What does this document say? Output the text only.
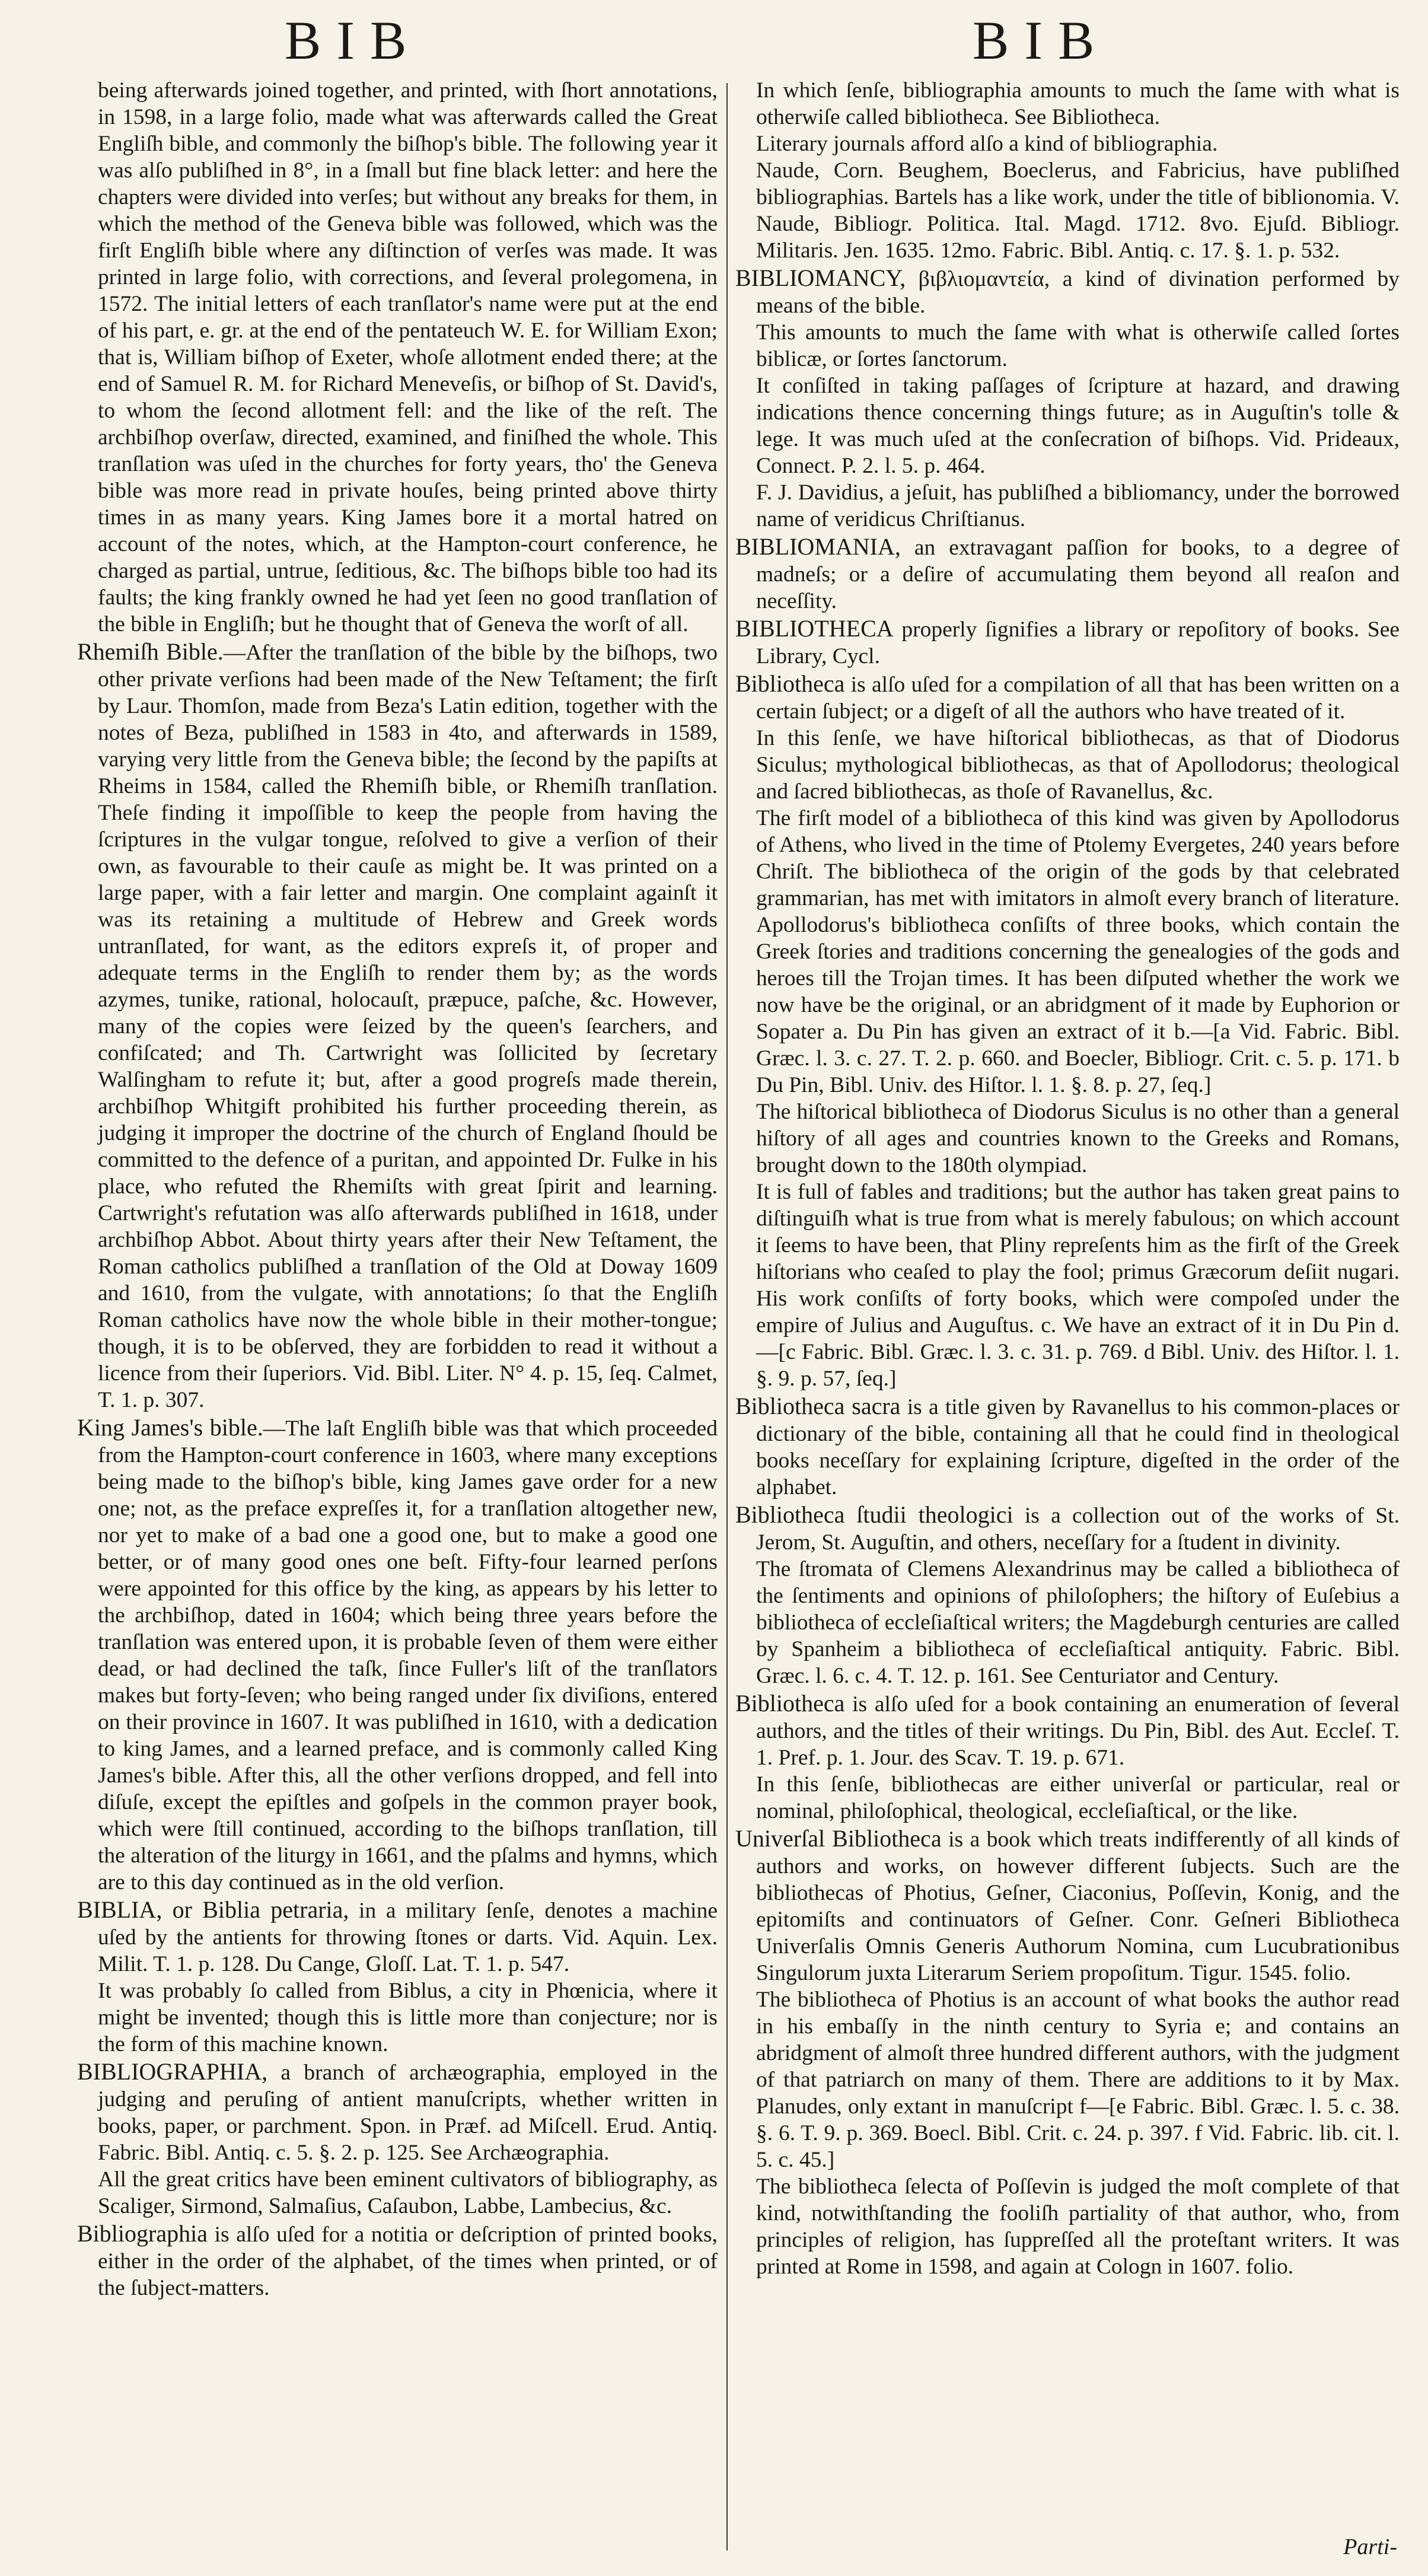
BIB	BIB

being afterwards joined together, and printed, with ſhort annotations, in 1598, in a large folio, made what was afterwards called the Great Engliſh bible, and commonly the biſhop's bible. The following year it was alſo publiſhed in 8°, in a ſmall but fine black letter: and here the chapters were divided into verſes; but without any breaks for them, in which the method of the Geneva bible was followed, which was the firſt Engliſh bible where any diſtinction of verſes was made. It was printed in large folio, with corrections, and ſeveral prolegomena, in 1572. The initial letters of each tranſlator's name were put at the end of his part, e. gr. at the end of the pentateuch W. E. for William Exon; that is, William biſhop of Exeter, whoſe allotment ended there; at the end of Samuel R. M. for Richard Meneveſis, or biſhop of St. David's, to whom the ſecond allotment fell: and the like of the reſt. The archbiſhop overſaw, directed, examined, and finiſhed the whole. This tranſlation was uſed in the churches for forty years, tho' the Geneva bible was more read in private houſes, being printed above thirty times in as many years. King James bore it a mortal hatred on account of the notes, which, at the Hampton-court conference, he charged as partial, untrue, ſeditious, &c. The biſhops bible too had its faults; the king frankly owned he had yet ſeen no good tranſlation of the bible in Engliſh; but he thought that of Geneva the worſt of all.

Rhemiſh Bible.—After the tranſlation of the bible by the biſhops, two other private verſions had been made of the New Teſtament; the firſt by Laur. Thomſon, made from Beza's Latin edition, together with the notes of Beza, publiſhed in 1583 in 4to, and afterwards in 1589, varying very little from the Geneva bible; the ſecond by the papiſts at Rheims in 1584, called the Rhemiſh bible, or Rhemiſh tranſlation. Theſe finding it impoſſible to keep the people from having the ſcriptures in the vulgar tongue, reſolved to give a verſion of their own, as favourable to their cauſe as might be. It was printed on a large paper, with a fair letter and margin. One complaint againſt it was its retaining a multitude of Hebrew and Greek words untranſlated, for want, as the editors expreſs it, of proper and adequate terms in the Engliſh to render them by; as the words azymes, tunike, rational, holocauſt, præpuce, paſche, &c. However, many of the copies were ſeized by the queen's ſearchers, and confiſcated; and Th. Cartwright was ſollicited by ſecretary Walſingham to refute it; but, after a good progreſs made therein, archbiſhop Whitgift prohibited his further proceeding therein, as judging it improper the doctrine of the church of England ſhould be committed to the defence of a puritan, and appointed Dr. Fulke in his place, who refuted the Rhemiſts with great ſpirit and learning. Cartwright's refutation was alſo afterwards publiſhed in 1618, under archbiſhop Abbot. About thirty years after their New Teſtament, the Roman catholics publiſhed a tranſlation of the Old at Doway 1609 and 1610, from the vulgate, with annotations; ſo that the Engliſh Roman catholics have now the whole bible in their mother-tongue; though, it is to be obſerved, they are forbidden to read it without a licence from their ſuperiors. Vid. Bibl. Liter. N° 4. p. 15, ſeq. Calmet, T. 1. p. 307.

King James's bible.—The laſt Engliſh bible was that which proceeded from the Hampton-court conference in 1603, where many exceptions being made to the biſhop's bible, king James gave order for a new one; not, as the preface expreſſes it, for a tranſlation altogether new, nor yet to make of a bad one a good one, but to make a good one better, or of many good ones one beſt. Fifty-four learned perſons were appointed for this office by the king, as appears by his letter to the archbiſhop, dated in 1604; which being three years before the tranſlation was entered upon, it is probable ſeven of them were either dead, or had declined the taſk, ſince Fuller's liſt of the tranſlators makes but forty-ſeven; who being ranged under ſix diviſions, entered on their province in 1607. It was publiſhed in 1610, with a dedication to king James, and a learned preface, and is commonly called King James's bible. After this, all the other verſions dropped, and fell into diſuſe, except the epiſtles and goſpels in the common prayer book, which were ſtill continued, according to the biſhops tranſlation, till the alteration of the liturgy in 1661, and the pſalms and hymns, which are to this day continued as in the old verſion.

BIBLIA, or Biblia petraria, in a military ſenſe, denotes a machine uſed by the antients for throwing ſtones or darts. Vid. Aquin. Lex. Milit. T. 1. p. 128. Du Cange, Gloſſ. Lat. T. 1. p. 547.

It was probably ſo called from Biblus, a city in Phœnicia, where it might be invented; though this is little more than conjecture; nor is the form of this machine known.

BIBLIOGRAPHIA, a branch of archæographia, employed in the judging and peruſing of antient manuſcripts, whether written in books, paper, or parchment. Spon. in Præf. ad Miſcell. Erud. Antiq. Fabric. Bibl. Antiq. c. 5. §. 2. p. 125. See Archæographia.

All the great critics have been eminent cultivators of bibliography, as Scaliger, Sirmond, Salmaſius, Caſaubon, Labbe, Lambecius, &c.

Bibliographia is alſo uſed for a notitia or deſcription of printed books, either in the order of the alphabet, of the times when printed, or of the ſubject-matters.

In which ſenſe, bibliographia amounts to much the ſame with what is otherwiſe called bibliotheca. See Bibliotheca.

Literary journals afford alſo a kind of bibliographia.

Naude, Corn. Beughem, Boeclerus, and Fabricius, have publiſhed bibliographias. Bartels has a like work, under the title of biblionomia. V. Naude, Bibliogr. Politica. Ital. Magd. 1712. 8vo. Ejuſd. Bibliogr. Militaris. Jen. 1635. 12mo. Fabric. Bibl. Antiq. c. 17. §. 1. p. 532.

BIBLIOMANCY, βιβλιομαντεία, a kind of divination performed by means of the bible.

This amounts to much the ſame with what is otherwiſe called ſortes biblicæ, or ſortes ſanctorum.

It conſiſted in taking paſſages of ſcripture at hazard, and drawing indications thence concerning things future; as in Auguſtin's tolle & lege. It was much uſed at the conſecration of biſhops. Vid. Prideaux, Connect. P. 2. l. 5. p. 464.

F. J. Davidius, a jeſuit, has publiſhed a bibliomancy, under the borrowed name of veridicus Chriſtianus.

BIBLIOMANIA, an extravagant paſſion for books, to a degree of madneſs; or a deſire of accumulating them beyond all reaſon and neceſſity.

BIBLIOTHECA properly ſignifies a library or repoſitory of books. See Library, Cycl.

Bibliotheca is alſo uſed for a compilation of all that has been written on a certain ſubject; or a digeſt of all the authors who have treated of it.

In this ſenſe, we have hiſtorical bibliothecas, as that of Diodorus Siculus; mythological bibliothecas, as that of Apollodorus; theological and ſacred bibliothecas, as thoſe of Ravanellus, &c.

The firſt model of a bibliotheca of this kind was given by Apollodorus of Athens, who lived in the time of Ptolemy Evergetes, 240 years before Chriſt. The bibliotheca of the origin of the gods by that celebrated grammarian, has met with imitators in almoſt every branch of literature. Apollodorus's bibliotheca conſiſts of three books, which contain the Greek ſtories and traditions concerning the genealogies of the gods and heroes till the Trojan times. It has been diſputed whether the work we now have be the original, or an abridgment of it made by Euphorion or Sopater a. Du Pin has given an extract of it b.—[a Vid. Fabric. Bibl. Græc. l. 3. c. 27. T. 2. p. 660. and Boecler, Bibliogr. Crit. c. 5. p. 171. b Du Pin, Bibl. Univ. des Hiſtor. l. 1. §. 8. p. 27, ſeq.]

The hiſtorical bibliotheca of Diodorus Siculus is no other than a general hiſtory of all ages and countries known to the Greeks and Romans, brought down to the 180th olympiad.

It is full of fables and traditions; but the author has taken great pains to diſtinguiſh what is true from what is merely fabulous; on which account it ſeems to have been, that Pliny repreſents him as the firſt of the Greek hiſtorians who ceaſed to play the fool; primus Græcorum deſiit nugari. His work conſiſts of forty books, which were compoſed under the empire of Julius and Auguſtus. c. We have an extract of it in Du Pin d.—[c Fabric. Bibl. Græc. l. 3. c. 31. p. 769. d Bibl. Univ. des Hiſtor. l. 1. §. 9. p. 57, ſeq.]

Bibliotheca sacra is a title given by Ravanellus to his common-places or dictionary of the bible, containing all that he could find in theological books neceſſary for explaining ſcripture, digeſted in the order of the alphabet.

Bibliotheca ſtudii theologici is a collection out of the works of St. Jerom, St. Auguſtin, and others, neceſſary for a ſtudent in divinity.

The ſtromata of Clemens Alexandrinus may be called a bibliotheca of the ſentiments and opinions of philoſophers; the hiſtory of Euſebius a bibliotheca of eccleſiaſtical writers; the Magdeburgh centuries are called by Spanheim a bibliotheca of eccleſiaſtical antiquity. Fabric. Bibl. Græc. l. 6. c. 4. T. 12. p. 161. See Centuriator and Century.

Bibliotheca is alſo uſed for a book containing an enumeration of ſeveral authors, and the titles of their writings. Du Pin, Bibl. des Aut. Eccleſ. T. 1. Pref. p. 1. Jour. des Scav. T. 19. p. 671.

In this ſenſe, bibliothecas are either univerſal or particular, real or nominal, philoſophical, theological, eccleſiaſtical, or the like.

Univerſal Bibliotheca is a book which treats indifferently of all kinds of authors and works, on however different ſubjects. Such are the bibliothecas of Photius, Geſner, Ciaconius, Poſſevin, Konig, and the epitomiſts and continuators of Geſner. Conr. Geſneri Bibliotheca Univerſalis Omnis Generis Authorum Nomina, cum Lucubrationibus Singulorum juxta Literarum Seriem propoſitum. Tigur. 1545. folio.

The bibliotheca of Photius is an account of what books the author read in his embaſſy in the ninth century to Syria e; and contains an abridgment of almoſt three hundred different authors, with the judgment of that patriarch on many of them. There are additions to it by Max. Planudes, only extant in manuſcript f—[e Fabric. Bibl. Græc. l. 5. c. 38. §. 6. T. 9. p. 369. Boecl. Bibl. Crit. c. 24. p. 397. f Vid. Fabric. lib. cit. l. 5. c. 45.]

The bibliotheca ſelecta of Poſſevin is judged the moſt complete of that kind, notwithſtanding the fooliſh partiality of that author, who, from principles of religion, has ſuppreſſed all the proteſtant writers. It was printed at Rome in 1598, and again at Cologn in 1607. folio.

Parti-
